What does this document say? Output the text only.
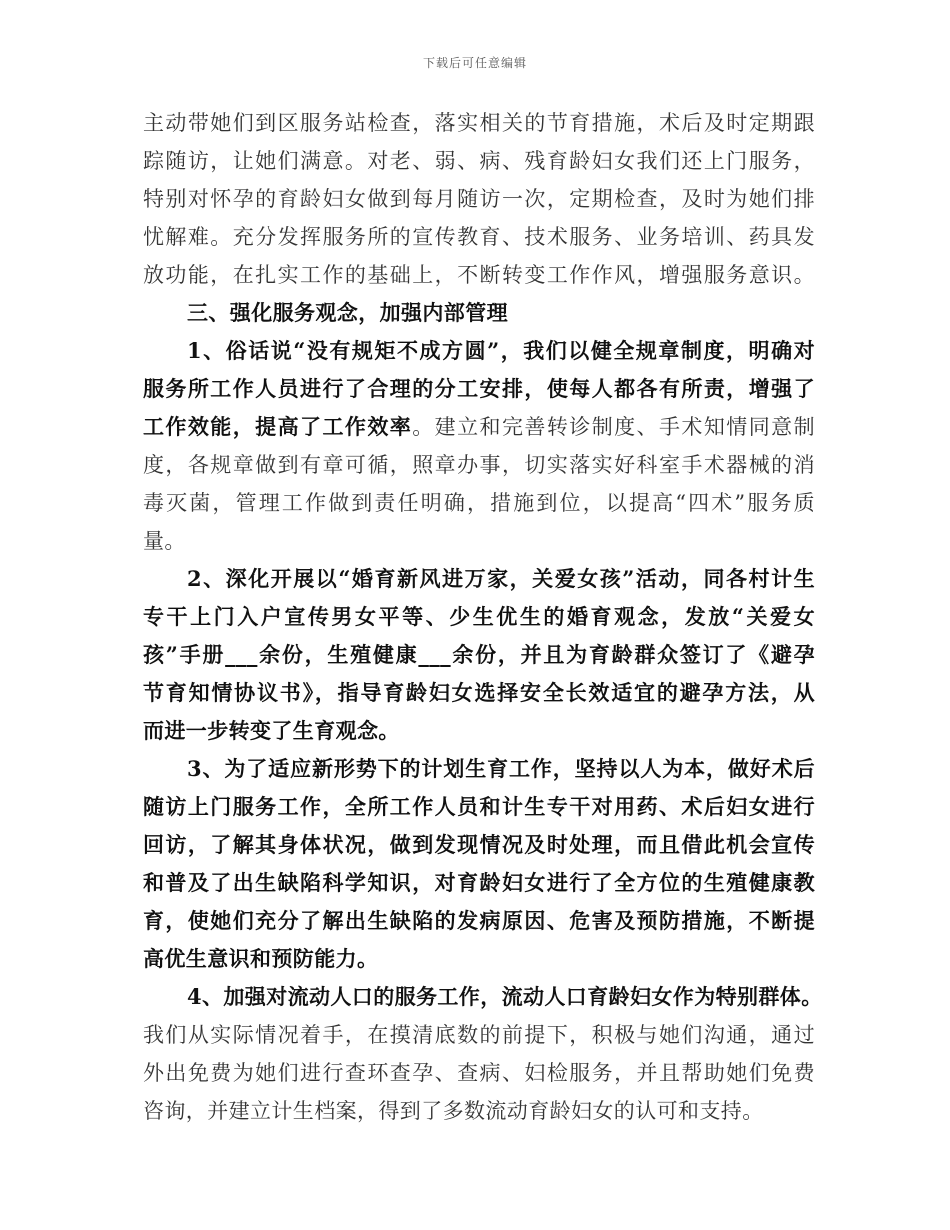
下载后可任意编辑
主动带她们到区服务站检查，落实相关的节育措施，术后及时定期跟
踪随访，让她们满意。对老、弱、病、残育龄妇女我们还上门服务，
特别对怀孕的育龄妇女做到每月随访一次，定期检查，及时为她们排
忧解难。充分发挥服务所的宣传教育、技术服务、业务培训、药具发
放功能，在扎实工作的基础上，不断转变工作作风，增强服务意识。
三、强化服务观念，加强内部管理
1、俗话说“没有规矩不成方圆”，我们以健全规章制度，明确对
服务所工作人员进行了合理的分工安排，使每人都各有所责，增强了
工作效能，提高了工作效率。建立和完善转诊制度、手术知情同意制
度，各规章做到有章可循，照章办事，切实落实好科室手术器械的消
毒灭菌，管理工作做到责任明确，措施到位，以提高“四术”服务质
量。
2、深化开展以“婚育新风进万家，关爱女孩”活动，同各村计生
专干上门入户宣传男女平等、少生优生的婚育观念，发放“关爱女
孩”手册___余份，生殖健康___余份，并且为育龄群众签订了《避孕
节育知情协议书》，指导育龄妇女选择安全长效适宜的避孕方法，从
而进一步转变了生育观念。
3、为了适应新形势下的计划生育工作，坚持以人为本，做好术后
随访上门服务工作，全所工作人员和计生专干对用药、术后妇女进行
回访，了解其身体状况，做到发现情况及时处理，而且借此机会宣传
和普及了出生缺陷科学知识，对育龄妇女进行了全方位的生殖健康教
育，使她们充分了解出生缺陷的发病原因、危害及预防措施，不断提
高优生意识和预防能力。
4、加强对流动人口的服务工作，流动人口育龄妇女作为特别群体。
我们从实际情况着手，在摸清底数的前提下，积极与她们沟通，通过
外出免费为她们进行查环查孕、查病、妇检服务，并且帮助她们免费
咨询，并建立计生档案，得到了多数流动育龄妇女的认可和支持。
